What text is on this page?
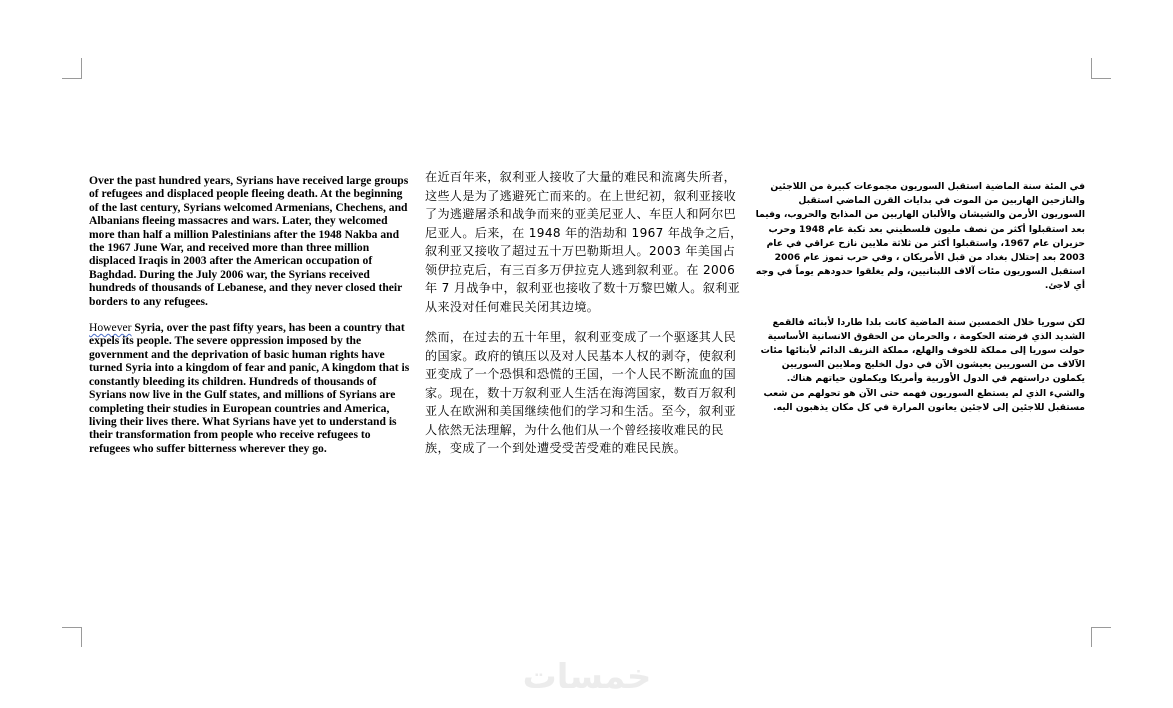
Over the past hundred years, Syrians have received large groups of refugees and displaced people fleeing death. At the beginning of the last century, Syrians welcomed Armenians, Chechens, and Albanians fleeing massacres and wars. Later, they welcomed more than half a million Palestinians after the 1948 Nakba and the 1967 June War, and received more than three million displaced Iraqis in 2003 after the American occupation of Baghdad. During the July 2006 war, the Syrians received hundreds of thousands of Lebanese, and they never closed their borders to any refugees.

However Syria, over the past fifty years, has been a country that expels its people. The severe oppression imposed by the government and the deprivation of basic human rights have turned Syria into a kingdom of fear and panic, A kingdom that is constantly bleeding its children. Hundreds of thousands of Syrians now live in the Gulf states, and millions of Syrians are completing their studies in European countries and America, living their lives there. What Syrians have yet to understand is their transformation from people who receive refugees to refugees who suffer bitterness wherever they go.

在近百年来，叙利亚人接收了大量的难民和流离失所者，这些人是为了逃避死亡而来的。在上世纪初，叙利亚接收了为逃避屠杀和战争而来的亚美尼亚人、车臣人和阿尔巴尼亚人。后来，在 1948 年的浩劫和 1967 年战争之后，叙利亚又接收了超过五十万巴勒斯坦人。2003 年美国占领伊拉克后，有三百多万伊拉克人逃到叙利亚。在 2006 年 7 月战争中，叙利亚也接收了数十万黎巴嫩人。叙利亚从来没对任何难民关闭其边境。

然而，在过去的五十年里，叙利亚变成了一个驱逐其人民的国家。政府的镇压以及对人民基本人权的剥夺，使叙利亚变成了一个恐惧和恐慌的王国，一个人民不断流血的国家。现在，数十万叙利亚人生活在海湾国家，数百万叙利亚人在欧洲和美国继续他们的学习和生活。至今，叙利亚人依然无法理解，为什么他们从一个曾经接收难民的民族，变成了一个到处遭受受苦受难的难民民族。

في المئة سنة الماضية استقبل السوريون مجموعات كبيرة من اللاجئين والنازحين الهاربين من الموت في بدايات القرن الماضي استقبل السوريون الأرمن والشيشان والألبان الهاربين من المذابح والحروب، وفيما بعد استقبلوا أكثر من نصف مليون فلسطيني بعد نكبة عام 1948 وحرب حزيران عام 1967، واستقبلوا أكثر من ثلاثة ملايين نازح عراقي في عام 2003 بعد إحتلال بغداد من قبل الأمريكان ، وفي حرب تموز عام 2006 استقبل السوريون مئات آلاف اللبنانيين، ولم يغلقوا حدودهم يوماً في وجه أي لاجئ.

لكن سوريا خلال الخمسين سنة الماضية كانت بلدا طاردا لأبنائه فالقمع الشديد الذي فرضته الحكومة ، والحرمان من الحقوق الانسانية الأساسية حولت سوريا إلى مملكة للخوف والهلع، مملكة النزيف الدائم لأبنائها مئات الآلاف من السوريين يعيشون الآن في دول الخليج وملايين السوريين يكملون دراستهم في الدول الأوربية وأمريكا ويكملون حياتهم هناك. والشيء الذي لم يستطع السوريون فهمه حتى الآن هو تحولهم من شعب مستقبل للاجئين إلى لاجئين يعانون المرارة في كل مكان يذهبون اليه.

خمسات
